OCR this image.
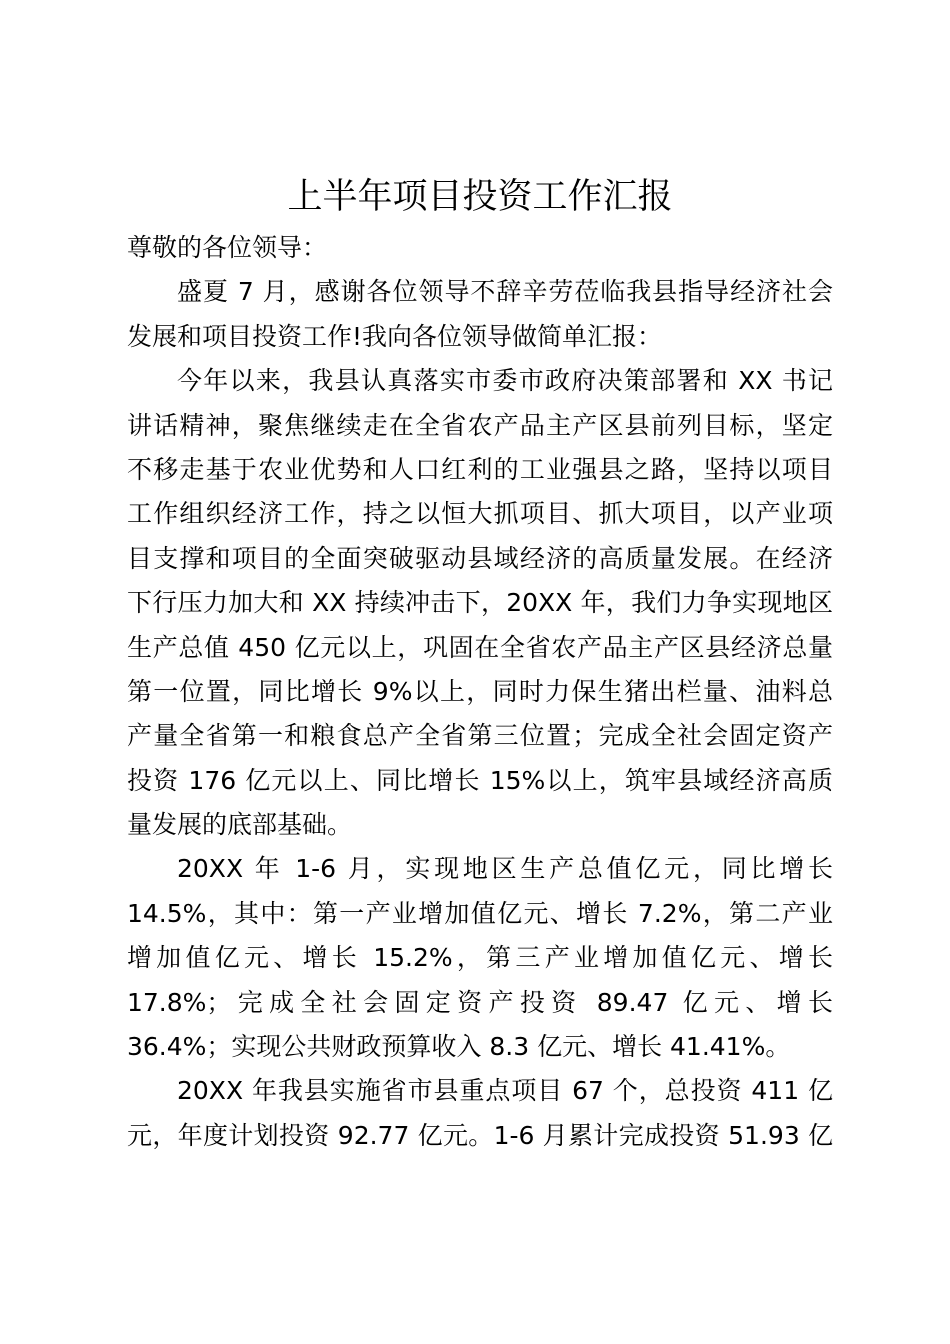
上半年项目投资工作汇报
尊敬的各位领导：
盛夏 7 月，感谢各位领导不辞辛劳莅临我县指导经济社会
发展和项目投资工作!我向各位领导做简单汇报：
今年以来，我县认真落实市委市政府决策部署和 XX 书记
讲话精神，聚焦继续走在全省农产品主产区县前列目标，坚定
不移走基于农业优势和人口红利的工业强县之路，坚持以项目
工作组织经济工作，持之以恒大抓项目、抓大项目，以产业项
目支撑和项目的全面突破驱动县域经济的高质量发展。在经济
下行压力加大和 XX 持续冲击下，20XX 年，我们力争实现地区
生产总值 450 亿元以上，巩固在全省农产品主产区县经济总量
第一位置，同比增长 9%以上，同时力保生猪出栏量、油料总
产量全省第一和粮食总产全省第三位置；完成全社会固定资产
投资 176 亿元以上、同比增长 15%以上，筑牢县域经济高质
量发展的底部基础。
20XX 年 1-6 月，实现地区生产总值亿元，同比增长
14.5%，其中：第一产业增加值亿元、增长 7.2%，第二产业
增加值亿元、增长 15.2%，第三产业增加值亿元、增长
17.8%；完成全社会固定资产投资 89.47 亿元、增长
36.4%；实现公共财政预算收入 8.3 亿元、增长 41.41%。
20XX 年我县实施省市县重点项目 67 个，总投资 411 亿
元，年度计划投资 92.77 亿元。1-6 月累计完成投资 51.93 亿
